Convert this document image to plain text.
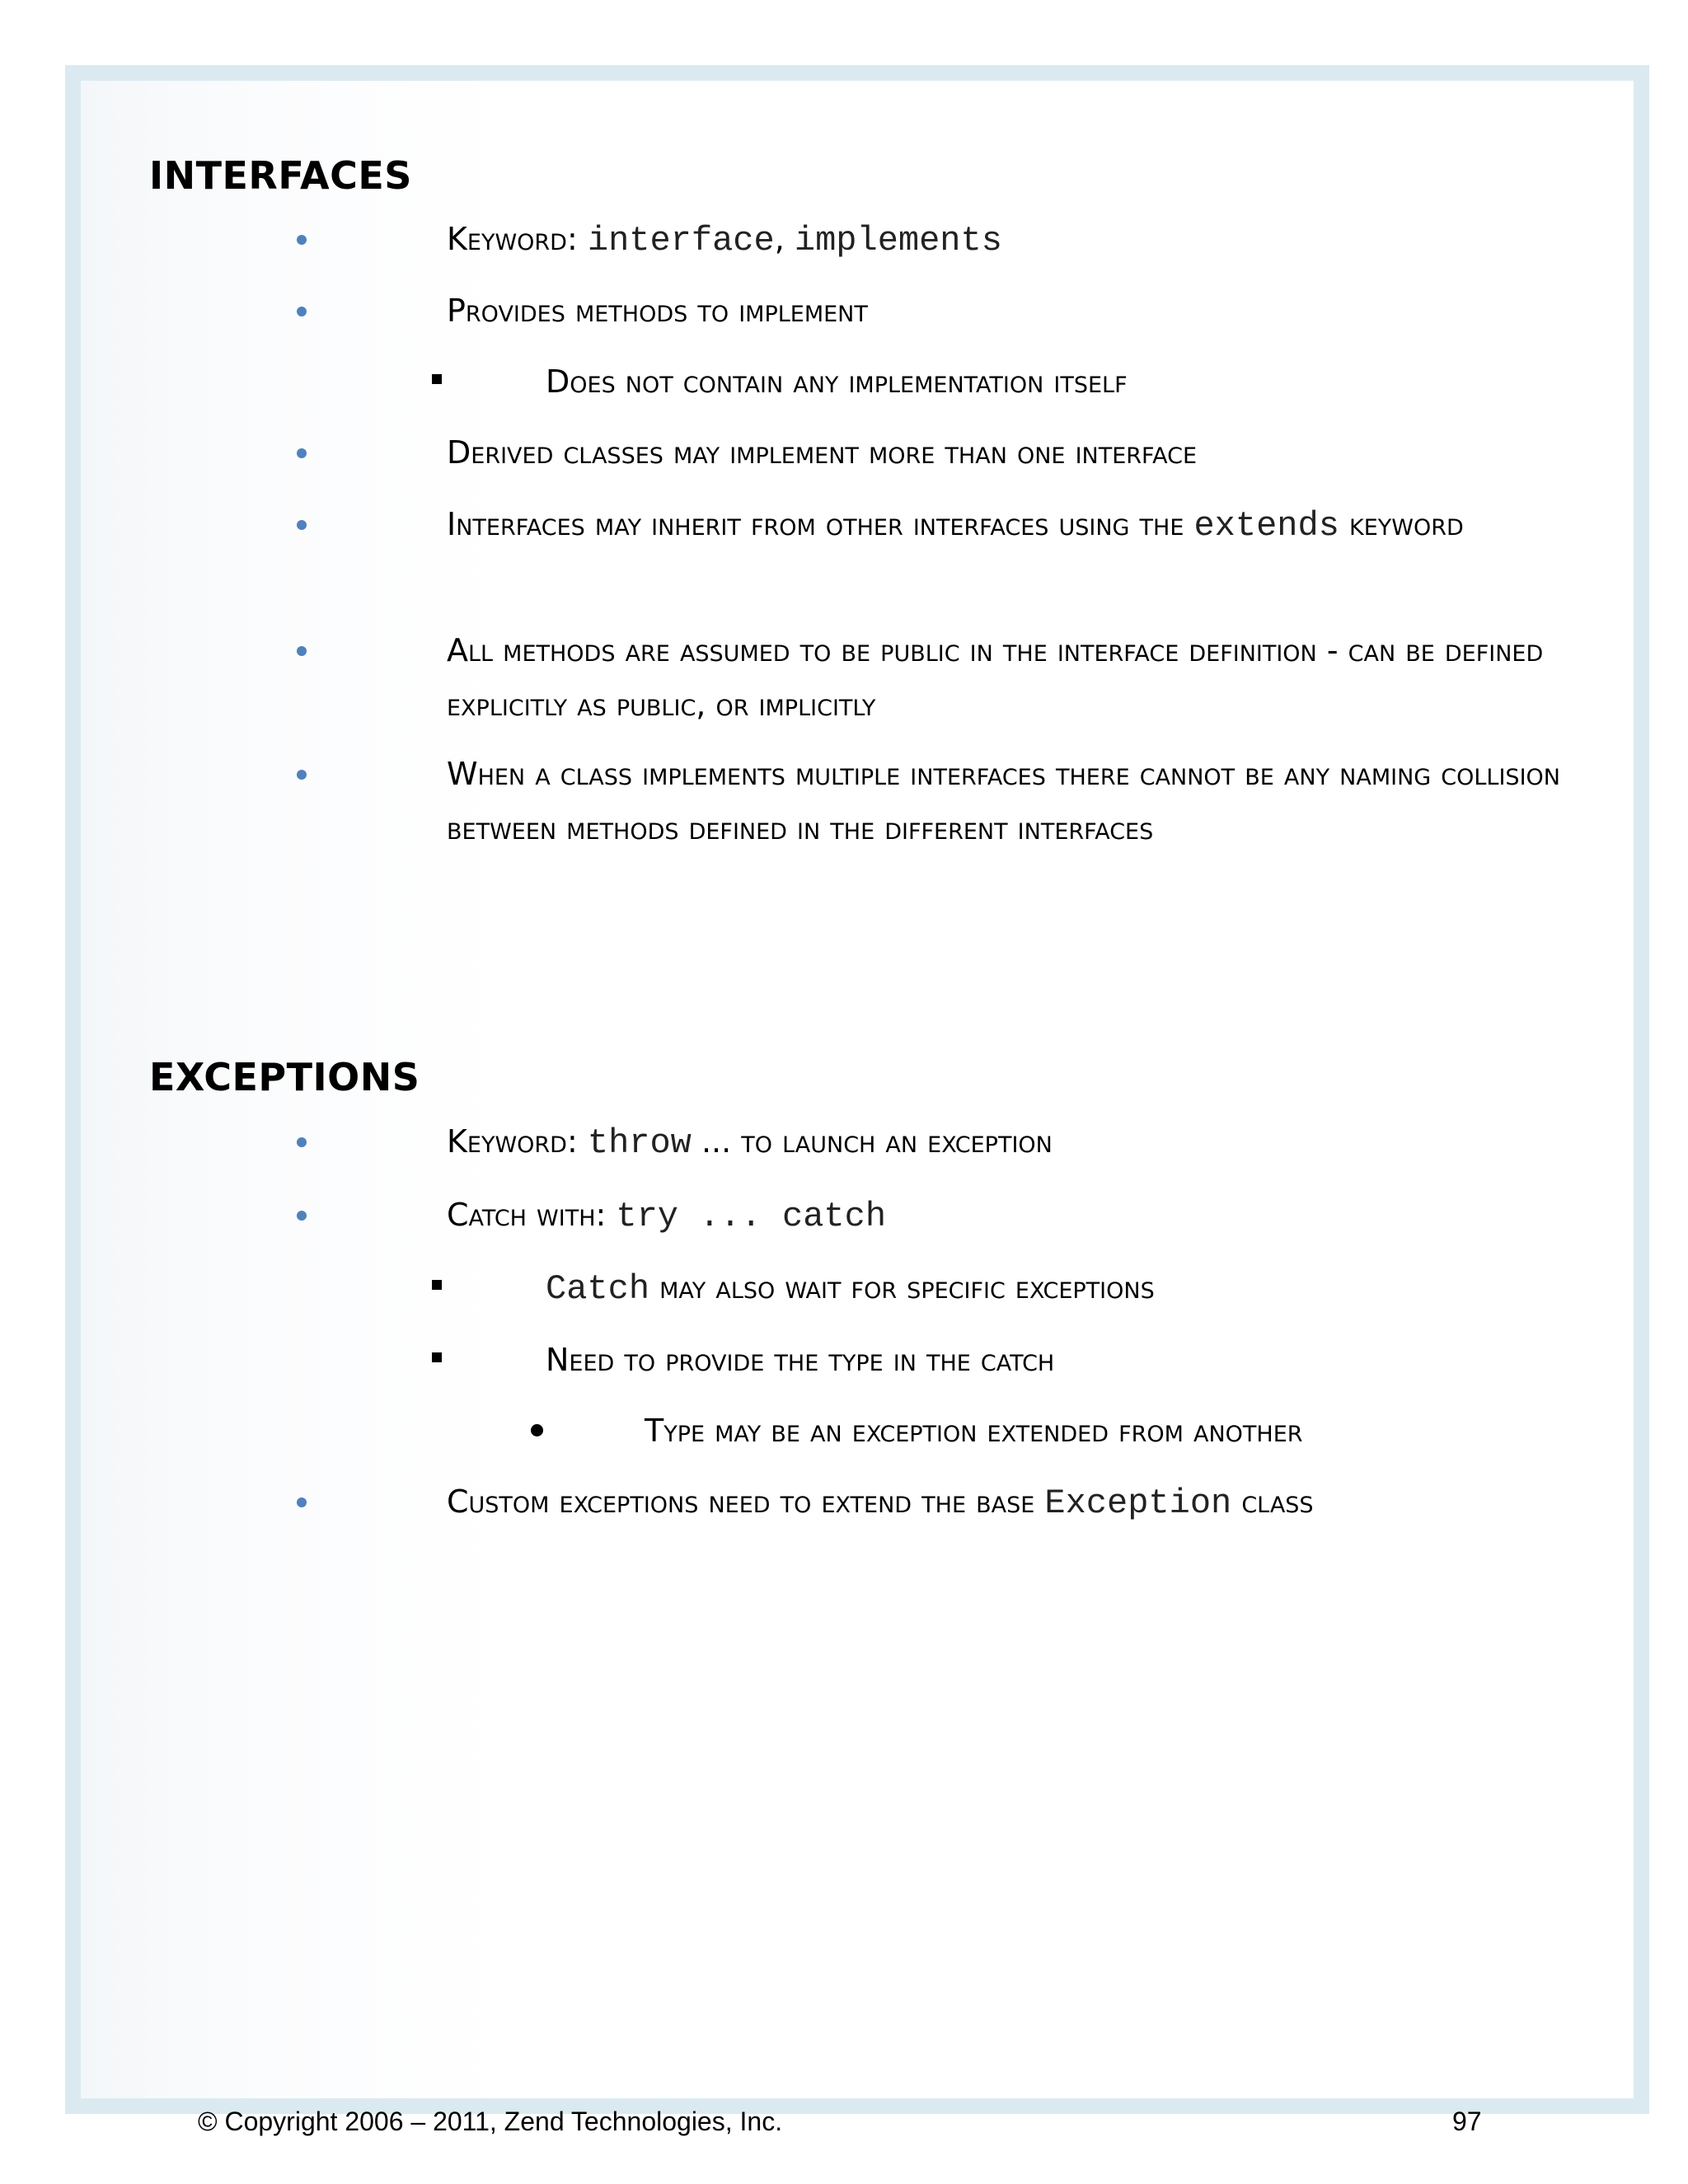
INTERFACES
Keyword: interface, implements
Provides methods to implement
Does not contain any implementation itself
Derived classes may implement more than one interface
Interfaces may inherit from other interfaces using the extends keyword
All methods are assumed to be public in the interface definition - can be defined explicitly as public, or implicitly
When a class implements multiple interfaces there cannot be any naming collision between methods defined in the different interfaces
EXCEPTIONS
Keyword: throw ... to launch an exception
Catch with: try ... catch
Catch may also wait for specific exceptions
Need to provide the type in the catch
Type may be an exception extended from another
Custom exceptions need to extend the base Exception class
© Copyright 2006 – 2011, Zend Technologies, Inc.	97
